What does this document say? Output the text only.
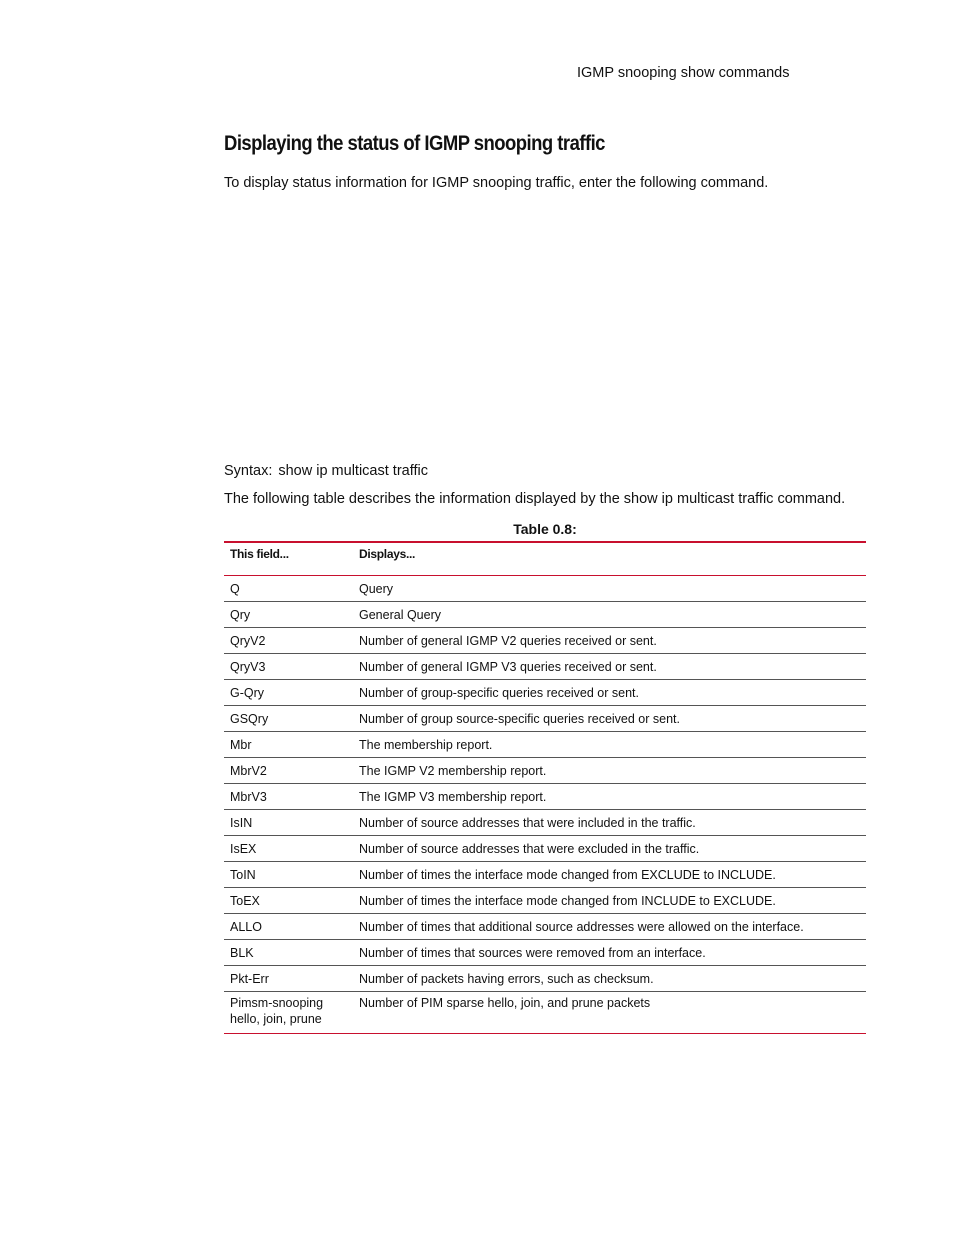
IGMP snooping show commands
Displaying the status of IGMP snooping traffic

To display status information for IGMP snooping traffic, enter the following command.

Syntax: show ip multicast traffic

The following table describes the information displayed by the show ip multicast traffic command.

Table 0.8:
This field...	Displays...
Q	Query
Qry	General Query
QryV2	Number of general IGMP V2 queries received or sent.
QryV3	Number of general IGMP V3 queries received or sent.
G-Qry	Number of group-specific queries received or sent.
GSQry	Number of group source-specific queries received or sent.
Mbr	The membership report.
MbrV2	The IGMP V2 membership report.
MbrV3	The IGMP V3 membership report.
IsIN	Number of source addresses that were included in the traffic.
IsEX	Number of source addresses that were excluded in the traffic.
ToIN	Number of times the interface mode changed from EXCLUDE to INCLUDE.
ToEX	Number of times the interface mode changed from INCLUDE to EXCLUDE.
ALLO	Number of times that additional source addresses were allowed on the interface.
BLK	Number of times that sources were removed from an interface.
Pkt-Err	Number of packets having errors, such as checksum.
Pimsm-snooping hello, join, prune	Number of PIM sparse hello, join, and prune packets
